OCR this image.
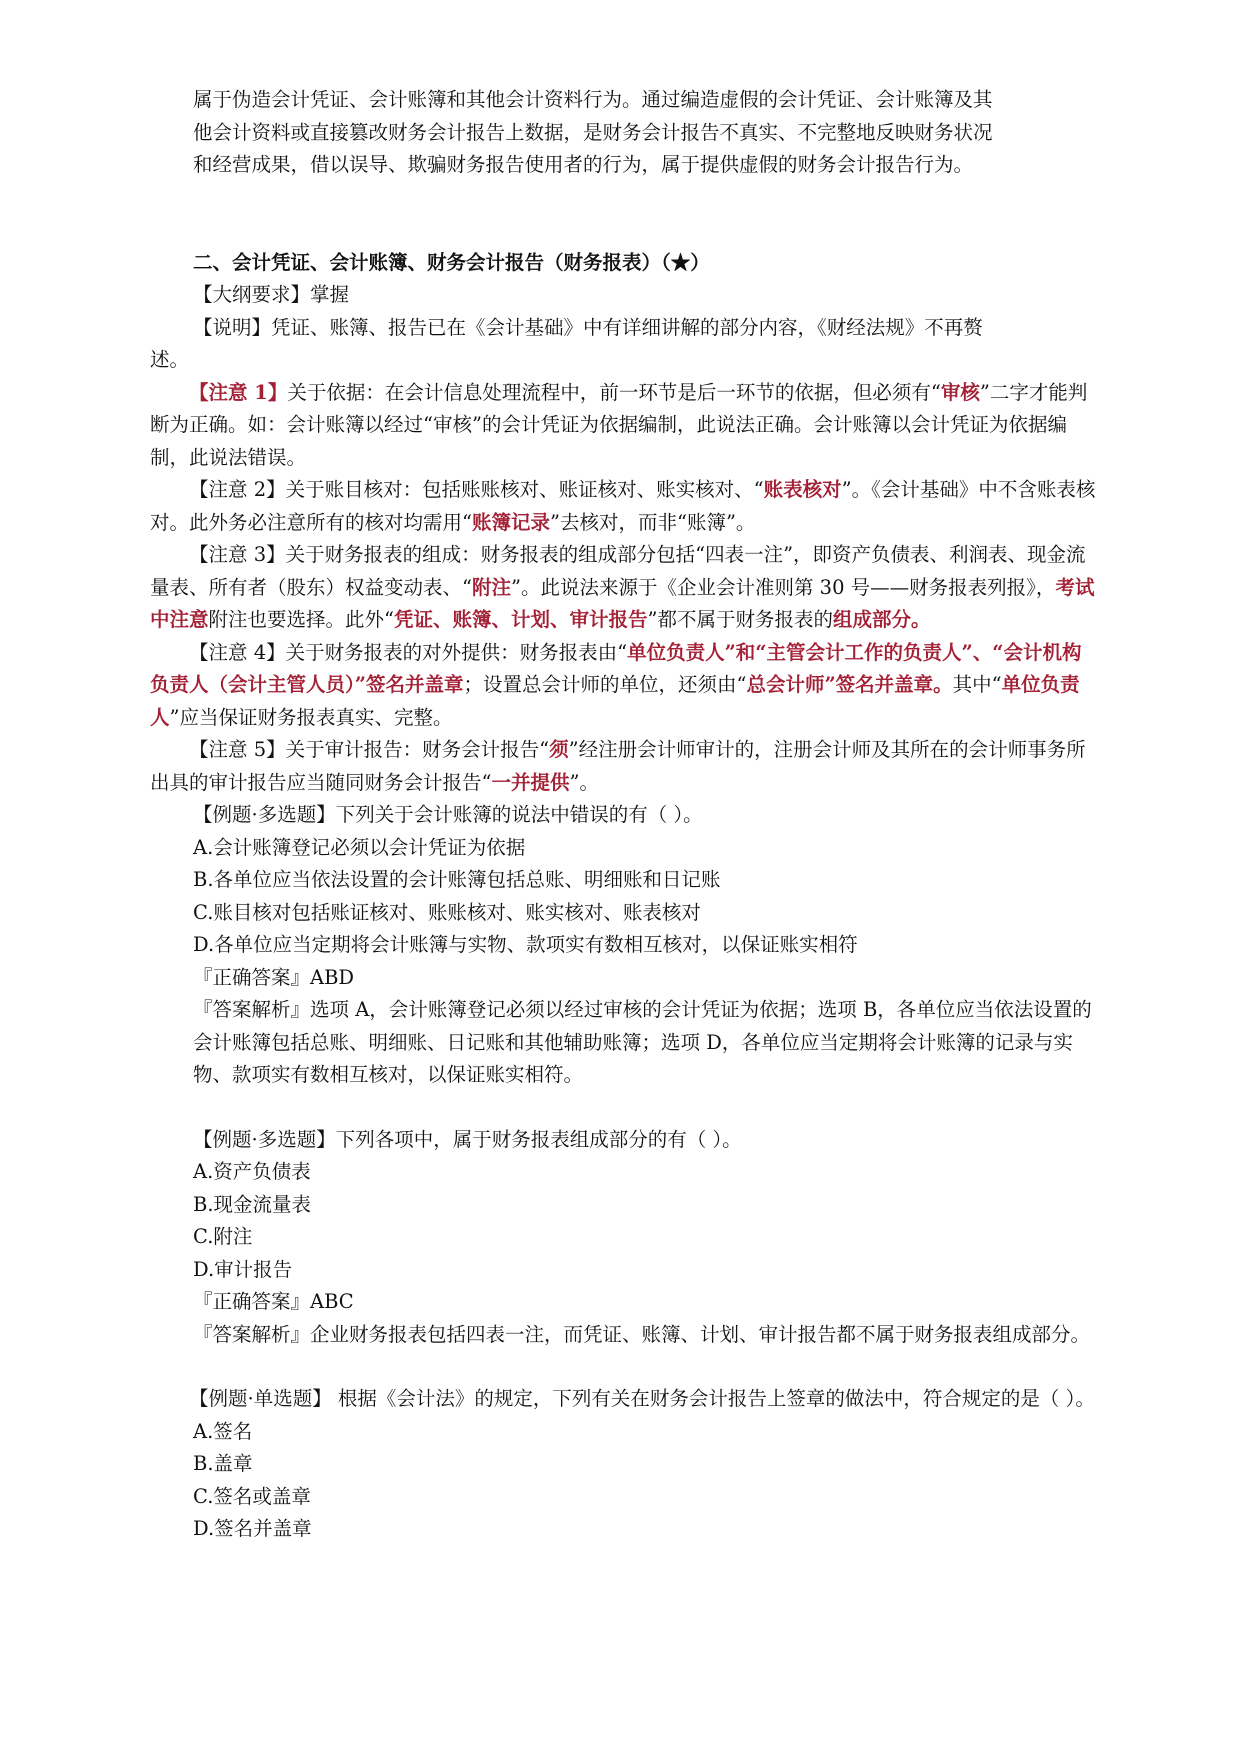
属于伪造会计凭证、会计账簿和其他会计资料行为。通过编造虚假的会计凭证、会计账簿及其

他会计资料或直接篡改财务会计报告上数据，是财务会计报告不真实、不完整地反映财务状况

和经营成果，借以误导、欺骗财务报告使用者的行为，属于提供虚假的财务会计报告行为。

二、会计凭证、会计账簿、财务会计报告（财务报表）（★）

【大纲要求】掌握

【说明】凭证、账簿、报告已在《会计基础》中有详细讲解的部分内容，《财经法规》不再赘

述。

【注意 1】关于依据：在会计信息处理流程中，前一环节是后一环节的依据，但必须有“审核”二字才能判断为正确。如：会计账簿以经过“审核”的会计凭证为依据编制，此说法正确。会计账簿以会计凭证为依据编制，此说法错误。

【注意 2】关于账目核对：包括账账核对、账证核对、账实核对、“账表核对”。《会计基础》中不含账表核对。此外务必注意所有的核对均需用“账簿记录”去核对，而非“账簿”。

【注意 3】关于财务报表的组成：财务报表的组成部分包括“四表一注”，即资产负债表、利润表、现金流量表、所有者（股东）权益变动表、“附注”。此说法来源于《企业会计准则第 30 号——财务报表列报》，考试中注意附注也要选择。此外“凭证、账簿、计划、审计报告”都不属于财务报表的组成部分。

【注意 4】关于财务报表的对外提供：财务报表由“单位负责人”和“主管会计工作的负责人”、“会计机构负责人（会计主管人员）”签名并盖章；设置总会计师的单位，还须由“总会计师”签名并盖章。其中“单位负责人”应当保证财务报表真实、完整。

【注意 5】关于审计报告：财务会计报告“须”经注册会计师审计的，注册会计师及其所在的会计师事务所出具的审计报告应当随同财务会计报告“一并提供”。

【例题·多选题】下列关于会计账簿的说法中错误的有（ ）。

A.会计账簿登记必须以会计凭证为依据

B.各单位应当依法设置的会计账簿包括总账、明细账和日记账

C.账目核对包括账证核对、账账核对、账实核对、账表核对

D.各单位应当定期将会计账簿与实物、款项实有数相互核对，以保证账实相符

『正确答案』ABD

『答案解析』选项 A，会计账簿登记必须以经过审核的会计凭证为依据；选项 B，各单位应当依法设置的会计账簿包括总账、明细账、日记账和其他辅助账簿；选项 D，各单位应当定期将会计账簿的记录与实物、款项实有数相互核对，以保证账实相符。

【例题·多选题】下列各项中，属于财务报表组成部分的有（ ）。

A.资产负债表

B.现金流量表

C.附注

D.审计报告

『正确答案』ABC

『答案解析』企业财务报表包括四表一注，而凭证、账簿、计划、审计报告都不属于财务报表组成部分。

【例题·单选题】 根据《会计法》的规定，下列有关在财务会计报告上签章的做法中，符合规定的是（ ）。

A.签名

B.盖章

C.签名或盖章

D.签名并盖章
